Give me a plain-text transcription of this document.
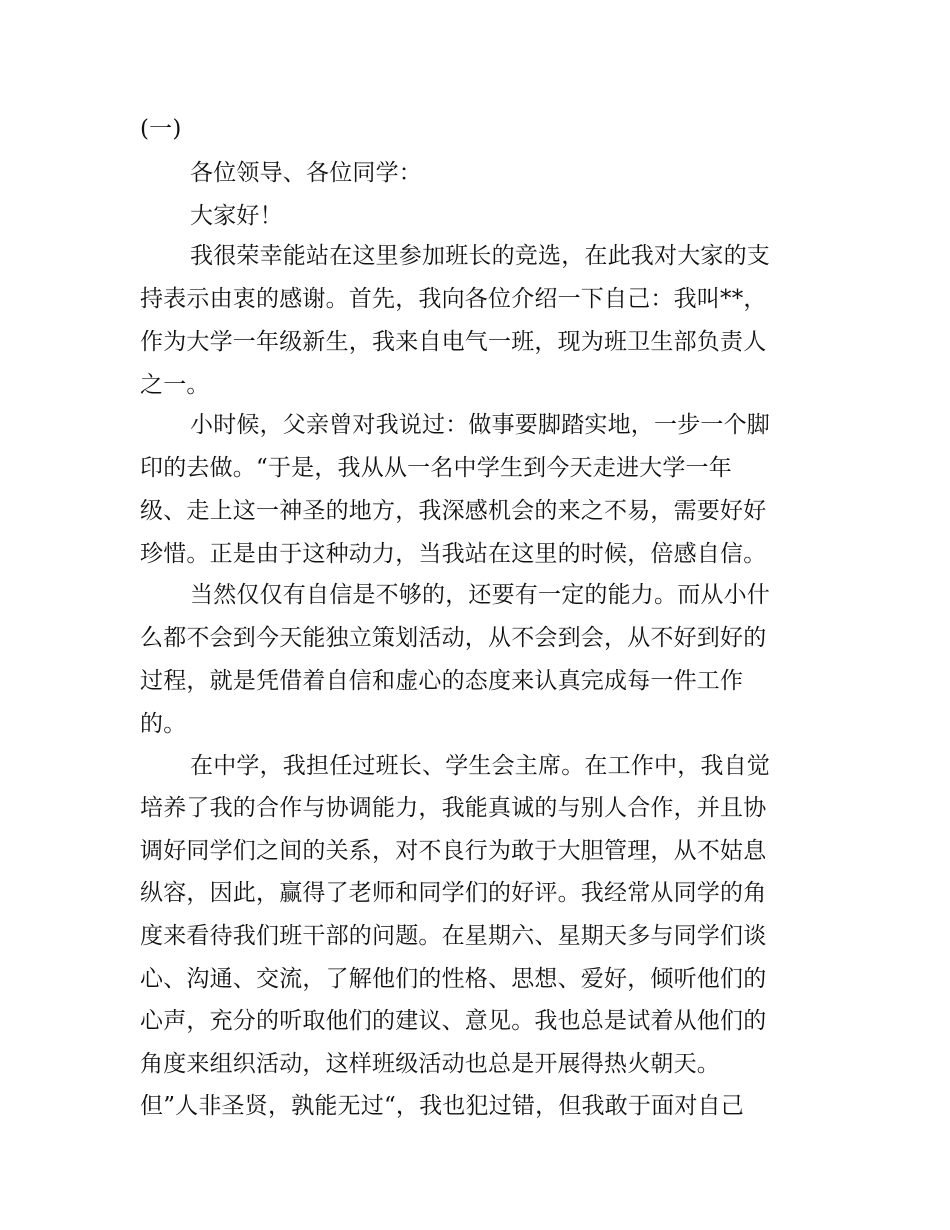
(一)
各位领导、各位同学：
大家好！
我很荣幸能站在这里参加班长的竞选，在此我对大家的支
持表示由衷的感谢。首先，我向各位介绍一下自己：我叫**，
作为大学一年级新生，我来自电气一班，现为班卫生部负责人
之一。
小时候，父亲曾对我说过：做事要脚踏实地，一步一个脚
印的去做。“于是，我从从一名中学生到今天走进大学一年
级、走上这一神圣的地方，我深感机会的来之不易，需要好好
珍惜。正是由于这种动力，当我站在这里的时候，倍感自信。
当然仅仅有自信是不够的，还要有一定的能力。而从小什
么都不会到今天能独立策划活动，从不会到会，从不好到好的
过程，就是凭借着自信和虚心的态度来认真完成每一件工作
的。
在中学，我担任过班长、学生会主席。在工作中，我自觉
培养了我的合作与协调能力，我能真诚的与别人合作，并且协
调好同学们之间的关系，对不良行为敢于大胆管理，从不姑息
纵容，因此，赢得了老师和同学们的好评。我经常从同学的角
度来看待我们班干部的问题。在星期六、星期天多与同学们谈
心、沟通、交流，了解他们的性格、思想、爱好，倾听他们的
心声，充分的听取他们的建议、意见。我也总是试着从他们的
角度来组织活动，这样班级活动也总是开展得热火朝天。
但”人非圣贤，孰能无过“，我也犯过错，但我敢于面对自己
